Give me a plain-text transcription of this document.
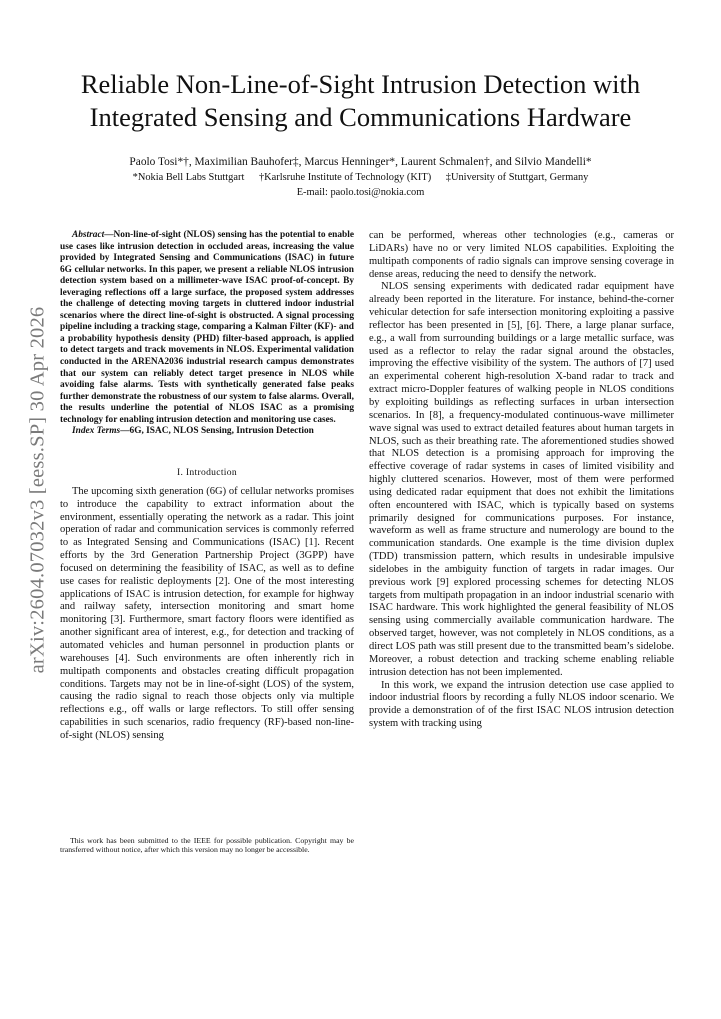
arXiv:2604.07032v3 [eess.SP] 30 Apr 2026
Reliable Non-Line-of-Sight Intrusion Detection with
Integrated Sensing and Communications Hardware
Paolo Tosi*†, Maximilian Bauhofer‡, Marcus Henninger*, Laurent Schmalen†, and Silvio Mandelli*
*Nokia Bell Labs Stuttgart †Karlsruhe Institute of Technology (KIT) ‡University of Stuttgart, Germany
E-mail: paolo.tosi@nokia.com

Abstract—Non-line-of-sight (NLOS) sensing has the potential to enable use cases like intrusion detection in occluded areas, increasing the value provided by Integrated Sensing and Communications (ISAC) in future 6G cellular networks. In this paper, we present a reliable NLOS intrusion detection system based on a millimeter-wave ISAC proof-of-concept. By leveraging reflections off a large surface, the proposed system addresses the challenge of detecting moving targets in cluttered indoor industrial scenarios where the direct line-of-sight is obstructed. A signal processing pipeline including a tracking stage, comparing a Kalman Filter (KF)- and a probability hypothesis density (PHD) filter-based approach, is applied to detect targets and track movements in NLOS. Experimental validation conducted in the ARENA2036 industrial research campus demonstrates that our system can reliably detect target presence in NLOS while avoiding false alarms. Tests with synthetically generated false peaks further demonstrate the robustness of our system to false alarms. Overall, the results underline the potential of NLOS ISAC as a promising technology for enabling intrusion detection and monitoring use cases.

Index Terms—6G, ISAC, NLOS Sensing, Intrusion Detection

I. Introduction

The upcoming sixth generation (6G) of cellular networks promises to introduce the capability to extract information about the environment, essentially operating the network as a radar. This joint operation of radar and communication services is commonly referred to as Integrated Sensing and Communications (ISAC) [1]. Recent efforts by the 3rd Generation Partnership Project (3GPP) have focused on determining the feasibility of ISAC, as well as to define use cases for realistic deployments [2]. One of the most interesting applications of ISAC is intrusion detection, for example for highway and railway safety, intersection monitoring and smart home monitoring [3]. Furthermore, smart factory floors were identified as another significant area of interest, e.g., for detection and tracking of automated vehicles and human personnel in production plants or warehouses [4]. Such environments are often inherently rich in multipath components and obstacles creating difficult propagation conditions. Targets may not be in line-of-sight (LOS) of the system, causing the radio signal to reach those objects only via multiple reflections e.g., off walls or large reflectors. To still offer sensing capabilities in such scenarios, radio frequency (RF)-based non-line-of-sight (NLOS) sensing

This work has been submitted to the IEEE for possible publication. Copyright may be transferred without notice, after which this version may no longer be accessible.

can be performed, whereas other technologies (e.g., cameras or LiDARs) have no or very limited NLOS capabilities. Exploiting the multipath components of radio signals can improve sensing coverage in dense areas, reducing the need to densify the network.

NLOS sensing experiments with dedicated radar equipment have already been reported in the literature. For instance, behind-the-corner vehicular detection for safe intersection monitoring exploiting a passive reflector has been presented in [5], [6]. There, a large planar surface, e.g., a wall from surrounding buildings or a large metallic surface, was used as a reflector to relay the radar signal around the obstacles, improving the effective visibility of the system. The authors of [7] used an experimental coherent high-resolution X-band radar to track and extract micro-Doppler features of walking people in NLOS conditions by exploiting buildings as reflecting surfaces in urban intersection scenarios. In [8], a frequency-modulated continuous-wave millimeter wave signal was used to extract detailed features about human targets in NLOS, such as their breathing rate. The aforementioned studies showed that NLOS detection is a promising approach for improving the effective coverage of radar systems in cases of limited visibility and highly cluttered scenarios. However, most of them were performed using dedicated radar equipment that does not exhibit the limitations often encountered with ISAC, which is typically based on systems primarily designed for communications purposes. For instance, waveform as well as frame structure and numerology are bound to the communication standards. One example is the time division duplex (TDD) transmission pattern, which results in undesirable impulsive sidelobes in the ambiguity function of targets in radar images. Our previous work [9] explored processing schemes for detecting NLOS targets from multipath propagation in an indoor industrial scenario with ISAC hardware. This work highlighted the general feasibility of NLOS sensing using commercially available communication hardware. The observed target, however, was not completely in NLOS conditions, as a direct LOS path was still present due to the transmitted beam’s sidelobe. Moreover, a robust detection and tracking scheme enabling reliable intrusion detection has not been implemented.

In this work, we expand the intrusion detection use case applied to indoor industrial floors by recording a fully NLOS indoor scenario. We provide a demonstration of of the first ISAC NLOS intrusion detection system with tracking using
